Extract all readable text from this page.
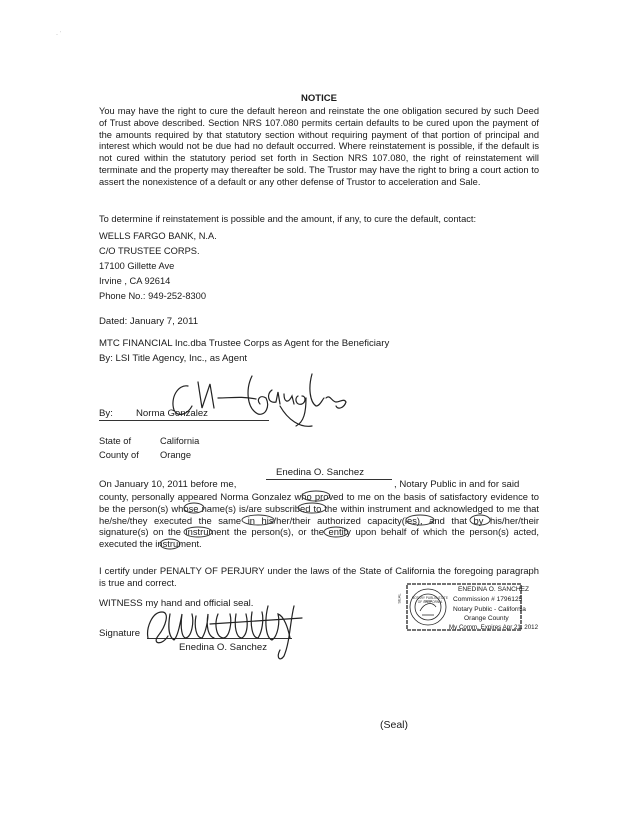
· ˙
NOTICE

You may have the right to cure the default hereon and reinstate the one obligation secured by such Deed of Trust above described. Section NRS 107.080 permits certain defaults to be cured upon the payment of the amounts required by that statutory section without requiring payment of that portion of principal and interest which would not be due had no default occurred. Where reinstatement is possible, if the default is not cured within the statutory period set forth in Section NRS 107.080, the right of reinstatement will terminate and the property may thereafter be sold. The Trustor may have the right to bring a court action to assert the nonexistence of a default or any other defense of Trustor to acceleration and Sale.

To determine if reinstatement is possible and the amount, if any, to cure the default, contact:
WELLS FARGO BANK, N.A.
C/O TRUSTEE CORPS.
17100 Gillette Ave
Irvine , CA 92614
Phone No.: 949-252-8300
Dated: January 7, 2011
MTC FINANCIAL Inc.dba Trustee Corps as Agent for the Beneficiary
By: LSI Title Agency, Inc., as Agent
By: Norma Gonzalez
State of	California
County of Orange
On January 10, 2011 before me,
Enedina O. Sanchez
, Notary Public in and for said

county, personally appeared Norma Gonzalez who proved to me on the basis of satisfactory evidence to be the person(s) whose name(s) is/are subscribed to the within instrument and acknowledged to me that he/she/they executed the same in his/her/their authorized capacity(ies), and that by his/her/their signature(s) on the instrument the person(s), or the entity upon behalf of which the person(s) acted, executed the instrument.

I certify under PENALTY OF PERJURY under the laws of the State of California the foregoing paragraph is true and correct.

WITNESS my hand and official seal.
Signature
Enedina O. Sanchez
NOTARY PUBLIC STATE OF CALIFORNIA
SEAL
ENEDINA O. SANCHEZ
Commission # 1796125
Notary Public - California
Orange County
My Comm. Expires Apr 21, 2012
(Seal)
